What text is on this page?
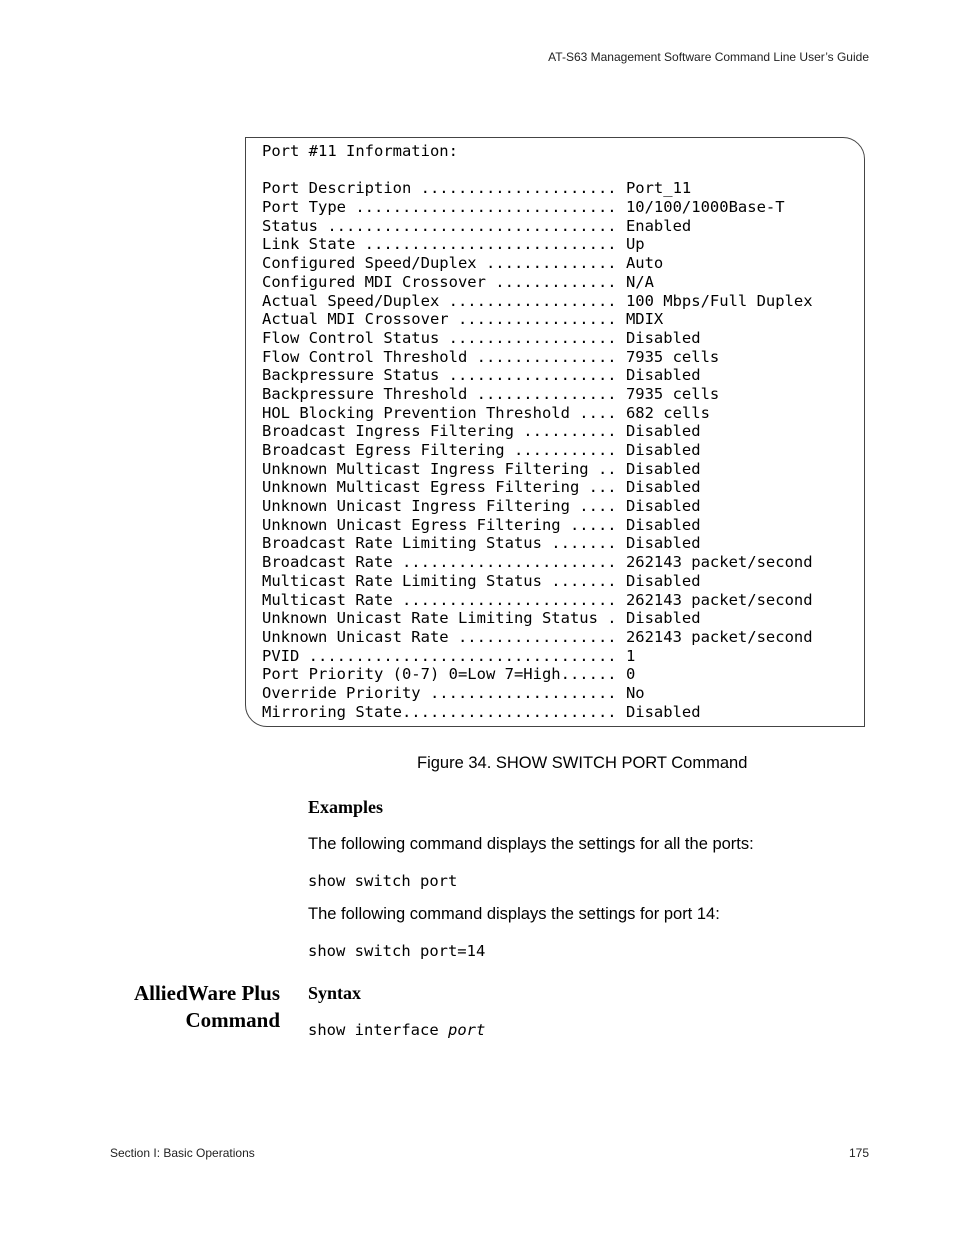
AT-S63 Management Software Command Line User’s Guide
Port #11 Information:
Port Description ..................... Port_11
Port Type ............................ 10/100/1000Base-T
Status ............................... Enabled
Link State ........................... Up
Configured Speed/Duplex .............. Auto
Configured MDI Crossover ............. N/A
Actual Speed/Duplex .................. 100 Mbps/Full Duplex
Actual MDI Crossover ................. MDIX
Flow Control Status .................. Disabled
Flow Control Threshold ............... 7935 cells
Backpressure Status .................. Disabled
Backpressure Threshold ............... 7935 cells
HOL Blocking Prevention Threshold .... 682 cells
Broadcast Ingress Filtering .......... Disabled
Broadcast Egress Filtering ........... Disabled
Unknown Multicast Ingress Filtering .. Disabled
Unknown Multicast Egress Filtering ... Disabled
Unknown Unicast Ingress Filtering .... Disabled
Unknown Unicast Egress Filtering ..... Disabled
Broadcast Rate Limiting Status ....... Disabled
Broadcast Rate ....................... 262143 packet/second
Multicast Rate Limiting Status ....... Disabled
Multicast Rate ....................... 262143 packet/second
Unknown Unicast Rate Limiting Status . Disabled
Unknown Unicast Rate ................. 262143 packet/second
PVID ................................. 1
Port Priority (0-7) 0=Low 7=High...... 0
Override Priority .................... No
Mirroring State....................... Disabled
Figure 34. SHOW SWITCH PORT Command
Examples
The following command displays the settings for all the ports:
show switch port
The following command displays the settings for port 14:
show switch port=14
AlliedWare Plus
Command
Syntax
show interface port
Section I: Basic Operations	175
